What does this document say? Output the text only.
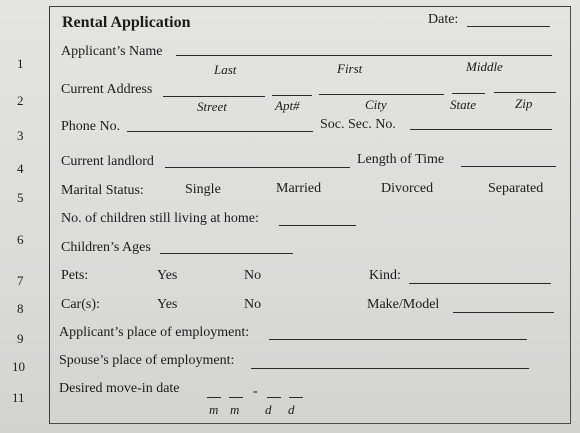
1
2
3
4
5
6
7
8
9
10
11
Rental Application	Date:
Applicant’s Name
Last	First	Middle
Current Address
Street	Apt#	City	State	Zip
Phone No.	Soc. Sec. No.
Current landlord	Length of Time
Marital Status:	Single	Married	Divorced	Separated
No. of children still living at home:
Children’s Ages
Pets:	Yes	No	Kind:
Car(s):	Yes	No	Make/Model
Applicant’s place of employment:
Spouse’s place of employment:
Desired move-in date	-
m m d d
